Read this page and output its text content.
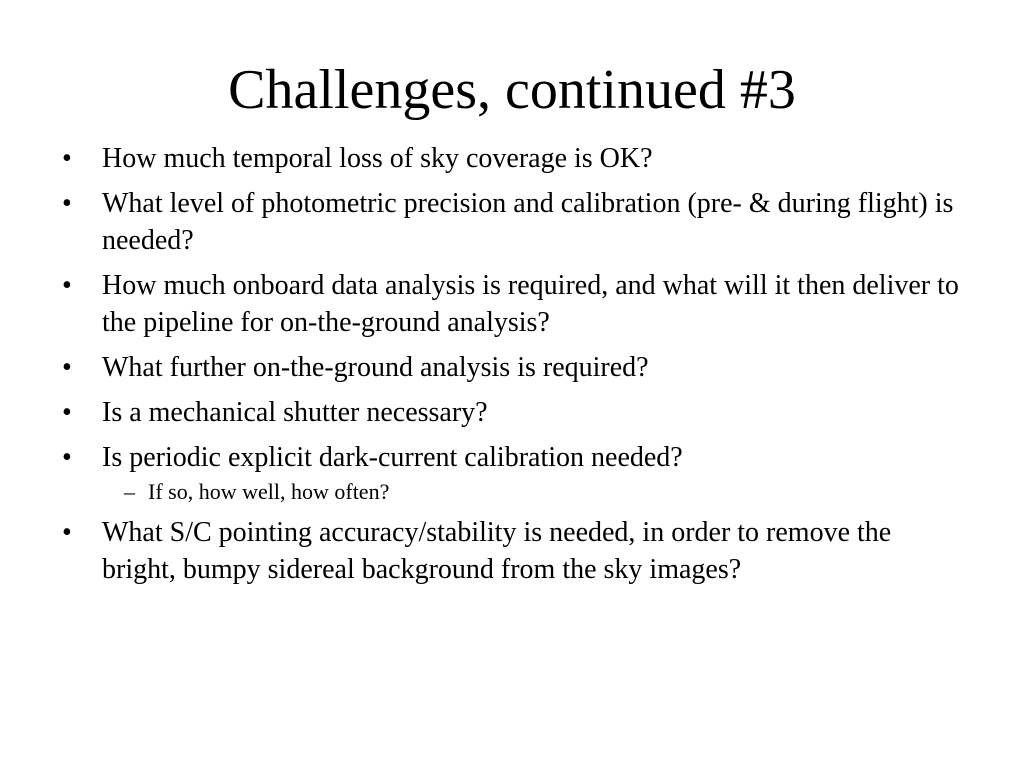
Challenges, continued #3
•	How much temporal loss of sky coverage is OK?
•	What level of photometric precision and calibration (pre- & during flight) is needed?
•	How much onboard data analysis is required, and what will it then deliver to the pipeline for on-the-ground analysis?
•	What further on-the-ground analysis is required?
•	Is a mechanical shutter necessary?
•	Is periodic explicit dark-current calibration needed?
– If so, how well, how often?
•	What S/C pointing accuracy/stability is needed, in order to remove the bright, bumpy sidereal background from the sky images?
